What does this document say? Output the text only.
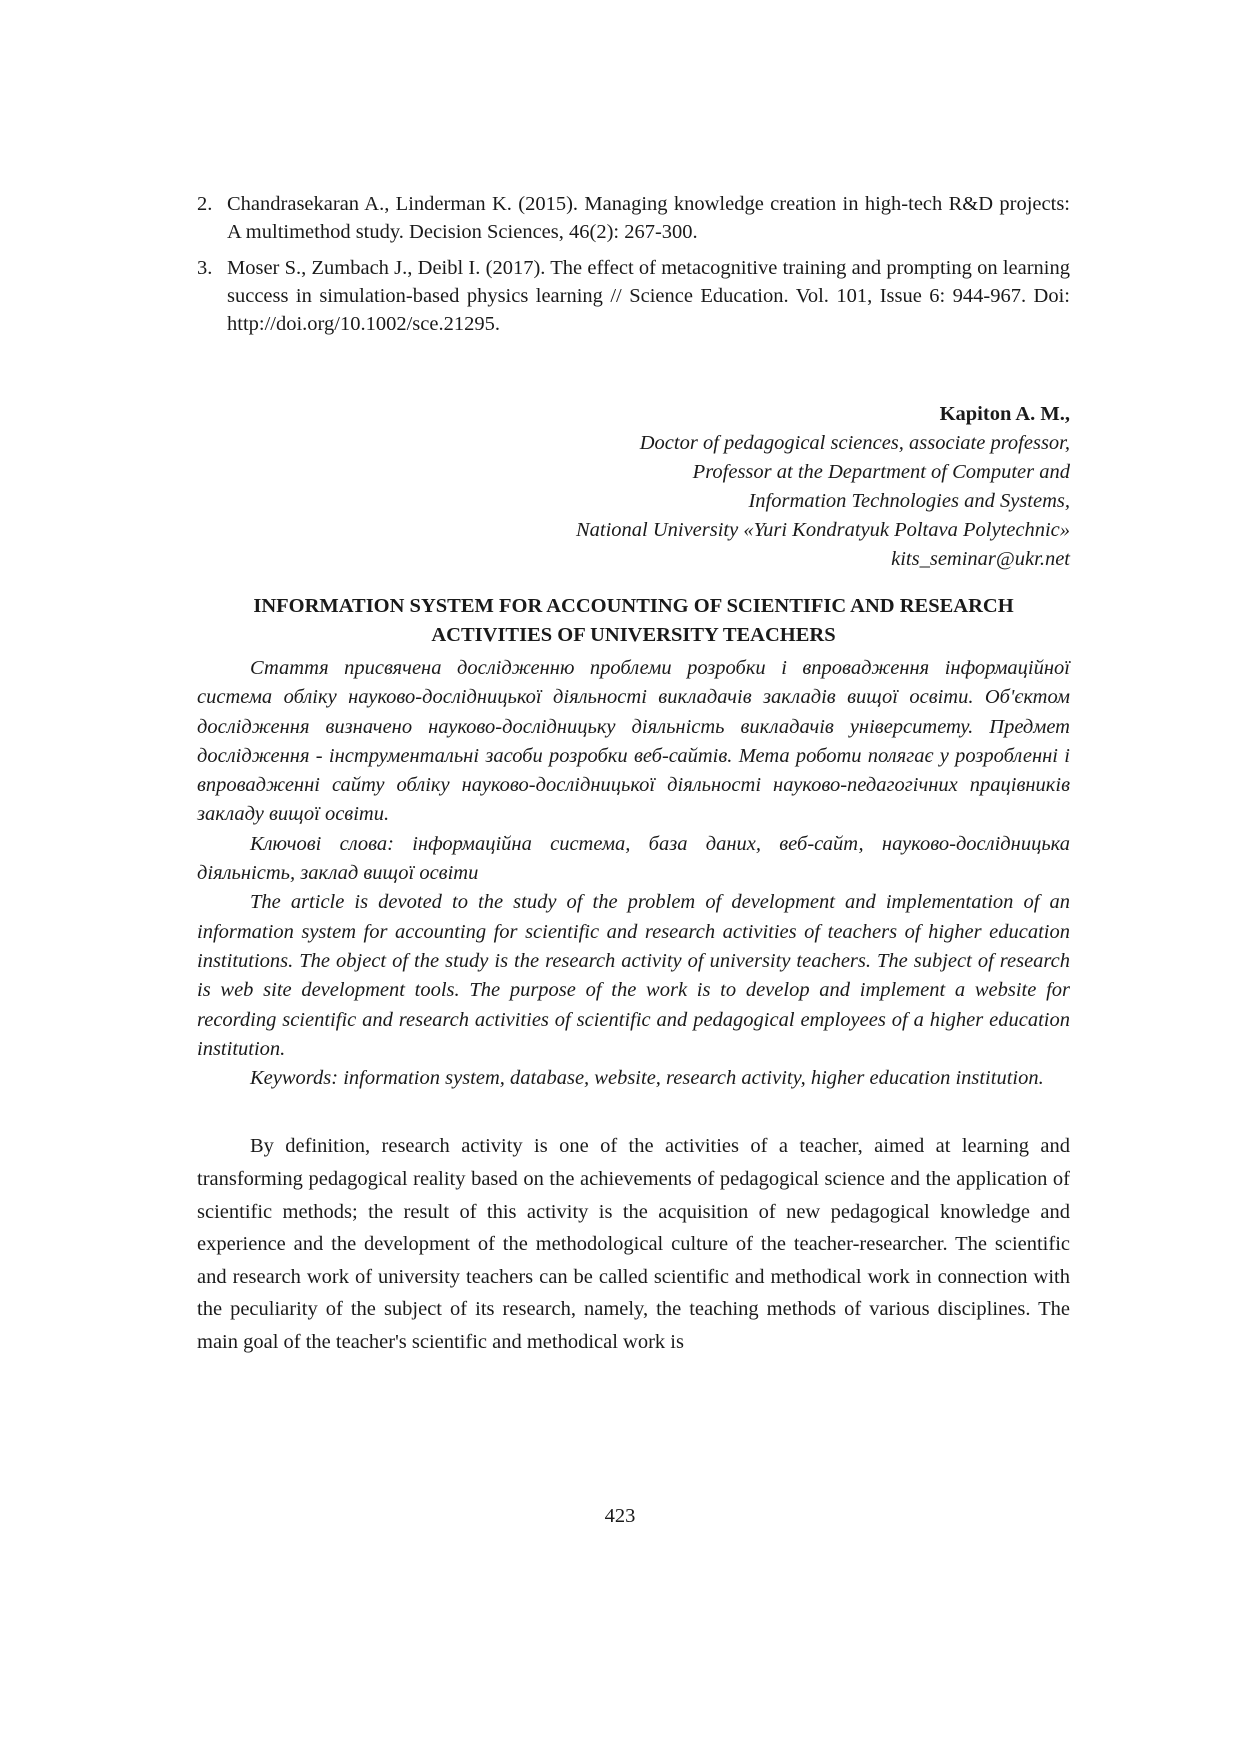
2. Chandrasekaran A., Linderman K. (2015). Managing knowledge creation in high-tech R&D projects: A multimethod study. Decision Sciences, 46(2): 267-300.
3. Moser S., Zumbach J., Deibl I. (2017). The effect of metacognitive training and prompting on learning success in simulation-based physics learning // Science Education. Vol. 101, Issue 6: 944-967. Doi: http://doi.org/10.1002/sce.21295.
Kapiton A. M.,
Doctor of pedagogical sciences, associate professor,
Professor at the Department of Computer and
Information Technologies and Systems,
National University «Yuri Kondratyuk Poltava Polytechnic»
kits_seminar@ukr.net
INFORMATION SYSTEM FOR ACCOUNTING OF SCIENTIFIC AND RESEARCH ACTIVITIES OF UNIVERSITY TEACHERS

Стаття присвячена дослідженню проблеми розробки і впровадження інформаційної система обліку науково-дослідницької діяльності викладачів закладів вищої освіти. Об'єктом дослідження визначено науково-дослідницьку діяльність викладачів університету. Предмет дослідження - інструментальні засоби розробки веб-сайтів. Мета роботи полягає у розробленні і впровадженні сайту обліку науково-дослідницької діяльності науково-педагогічних працівників закладу вищої освіти.

Ключові слова: інформаційна система, база даних, веб-сайт, науково-дослідницька діяльність, заклад вищої освіти

The article is devoted to the study of the problem of development and implementation of an information system for accounting for scientific and research activities of teachers of higher education institutions. The object of the study is the research activity of university teachers. The subject of research is web site development tools. The purpose of the work is to develop and implement a website for recording scientific and research activities of scientific and pedagogical employees of a higher education institution.

Keywords: information system, database, website, research activity, higher education institution.

By definition, research activity is one of the activities of a teacher, aimed at learning and transforming pedagogical reality based on the achievements of pedagogical science and the application of scientific methods; the result of this activity is the acquisition of new pedagogical knowledge and experience and the development of the methodological culture of the teacher-researcher. The scientific and research work of university teachers can be called scientific and methodical work in connection with the peculiarity of the subject of its research, namely, the teaching methods of various disciplines. The main goal of the teacher's scientific and methodical work is

423
